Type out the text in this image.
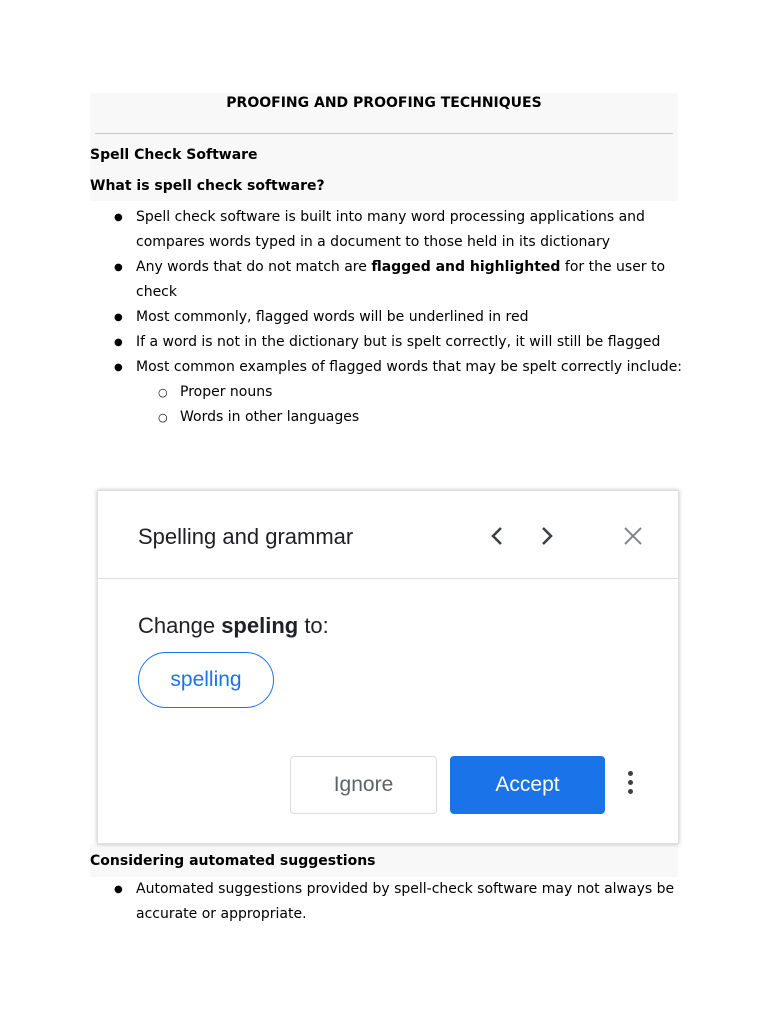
PROOFING AND PROOFING TECHNIQUES
Spell Check Software
What is spell check software?
● Spell check software is built into many word processing applications and compares words typed in a document to those held in its dictionary
● Any words that do not match are flagged and highlighted for the user to check
● Most commonly, flagged words will be underlined in red
● If a word is not in the dictionary but is spelt correctly, it will still be flagged
● Most common examples of flagged words that may be spelt correctly include:
○ Proper nouns
○ Words in other languages
Spelling and grammar
Change speling to:
spelling
Ignore	Accept
Considering automated suggestions
● Automated suggestions provided by spell-check software may not always be accurate or appropriate.
